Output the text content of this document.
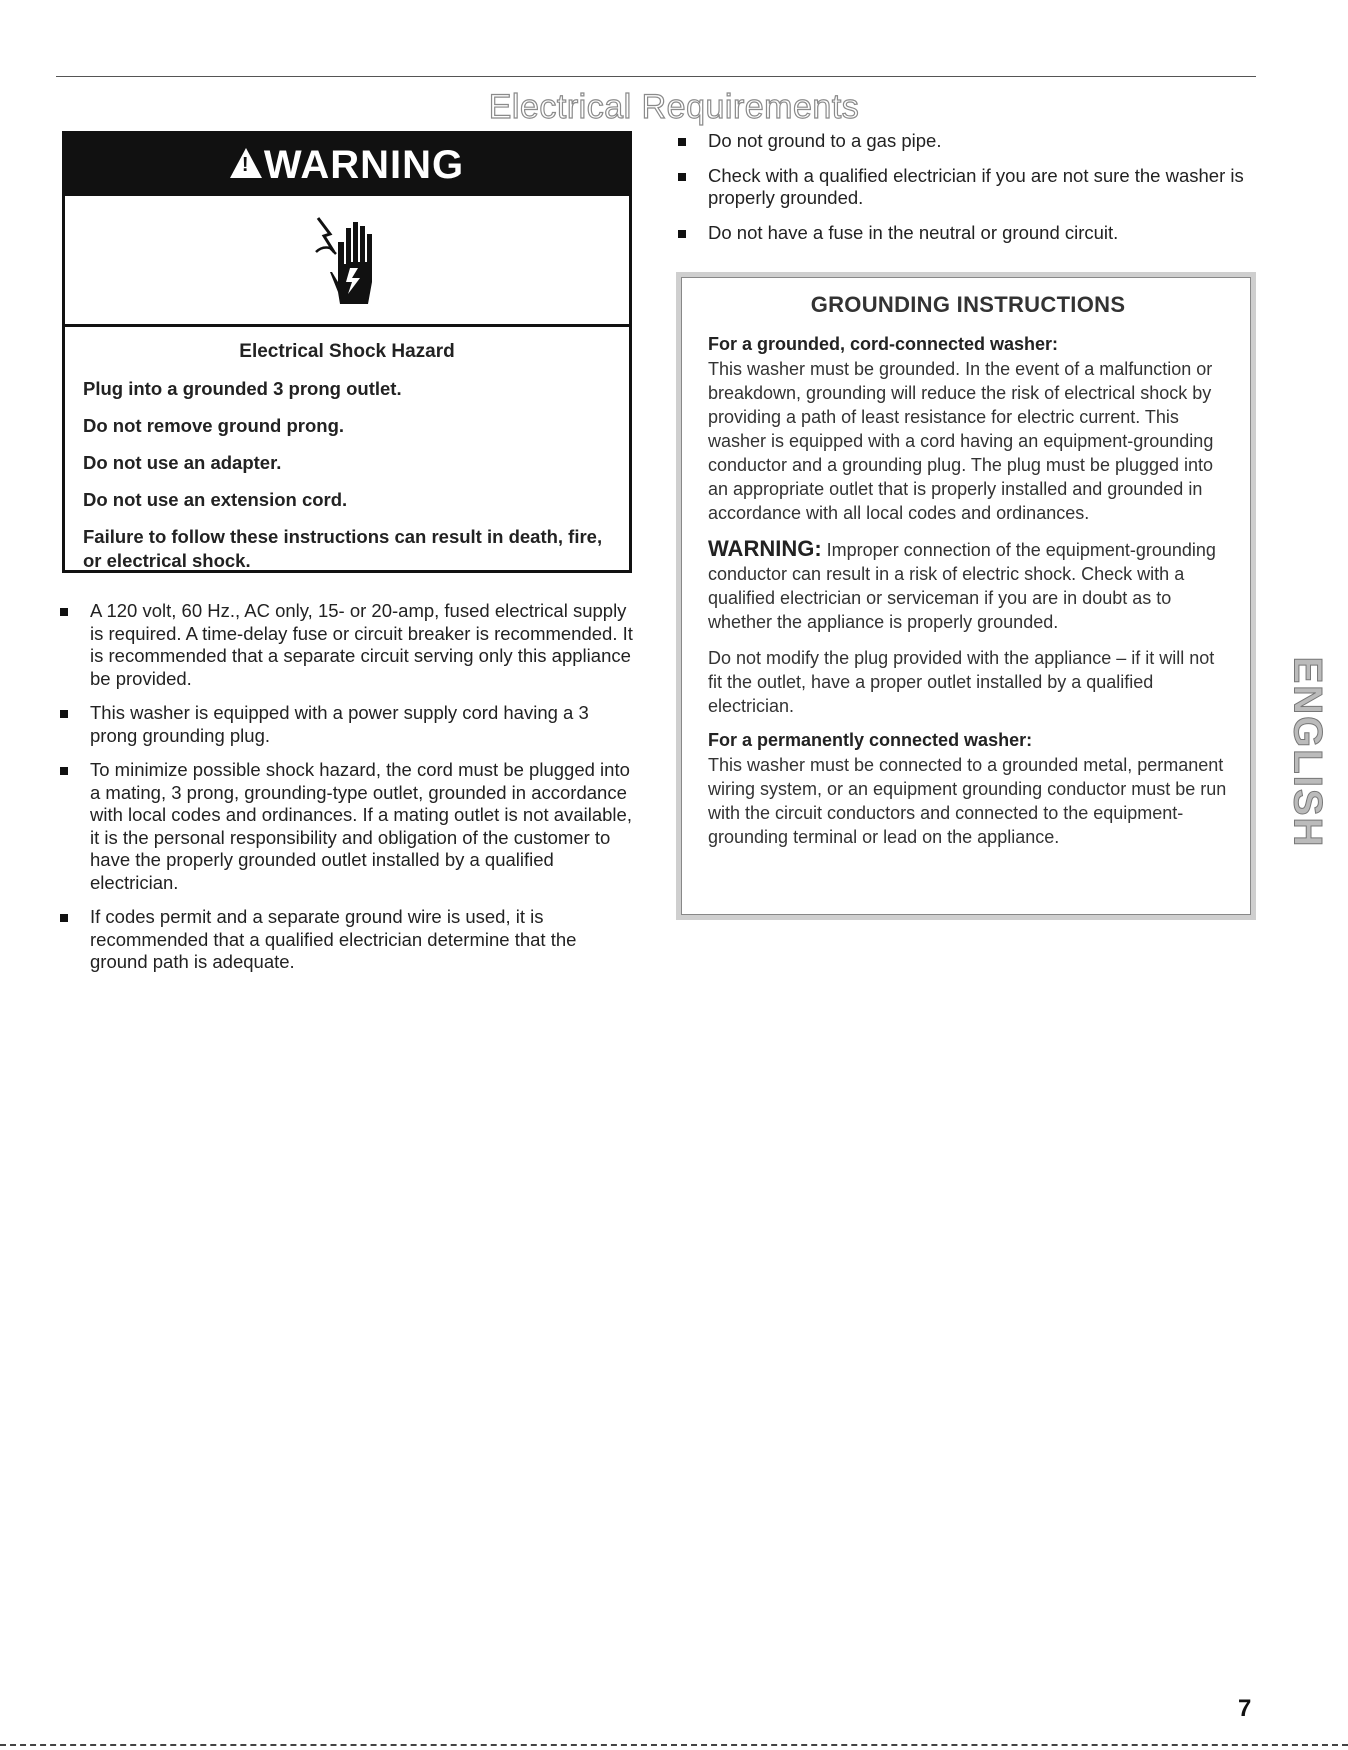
Electrical Requirements
!
WARNING
Electrical Shock Hazard
Plug into a grounded 3 prong outlet.
Do not remove ground prong.
Do not use an adapter.
Do not use an extension cord.
Failure to follow these instructions can result in death, fire, or electrical shock.
A 120 volt, 60 Hz., AC only, 15- or 20-amp, fused electrical supply is required. A time-delay fuse or circuit breaker is recommended. It is recommended that a separate circuit serving only this appliance be provided.
This washer is equipped with a power supply cord having a 3 prong grounding plug.
To minimize possible shock hazard, the cord must be plugged into a mating, 3 prong, grounding-type outlet, grounded in accordance with local codes and ordinances. If a mating outlet is not available, it is the personal responsibility and obligation of the customer to have the properly grounded outlet installed by a qualified electrician.
If codes permit and a separate ground wire is used, it is recommended that a qualified electrician determine that the ground path is adequate.
Do not ground to a gas pipe.
Check with a qualified electrician if you are not sure the washer is properly grounded.
Do not have a fuse in the neutral or ground circuit.
GROUNDING INSTRUCTIONS
For a grounded, cord-connected washer:
This washer must be grounded. In the event of a malfunction or breakdown, grounding will reduce the risk of electrical shock by providing a path of least resistance for electric current. This washer is equipped with a cord having an equipment-grounding conductor and a grounding plug. The plug must be plugged into an appropriate outlet that is properly installed and grounded in accordance with all local codes and ordinances.
WARNING: Improper connection of the equipment-grounding conductor can result in a risk of electric shock. Check with a qualified electrician or serviceman if you are in doubt as to whether the appliance is properly grounded.
Do not modify the plug provided with the appliance – if it will not fit the outlet, have a proper outlet installed by a qualified electrician.
For a permanently connected washer:
This washer must be connected to a grounded metal, permanent wiring system, or an equipment grounding conductor must be run with the circuit conductors and connected to the equipment-grounding terminal or lead on the appliance.	ENGLISH
7
